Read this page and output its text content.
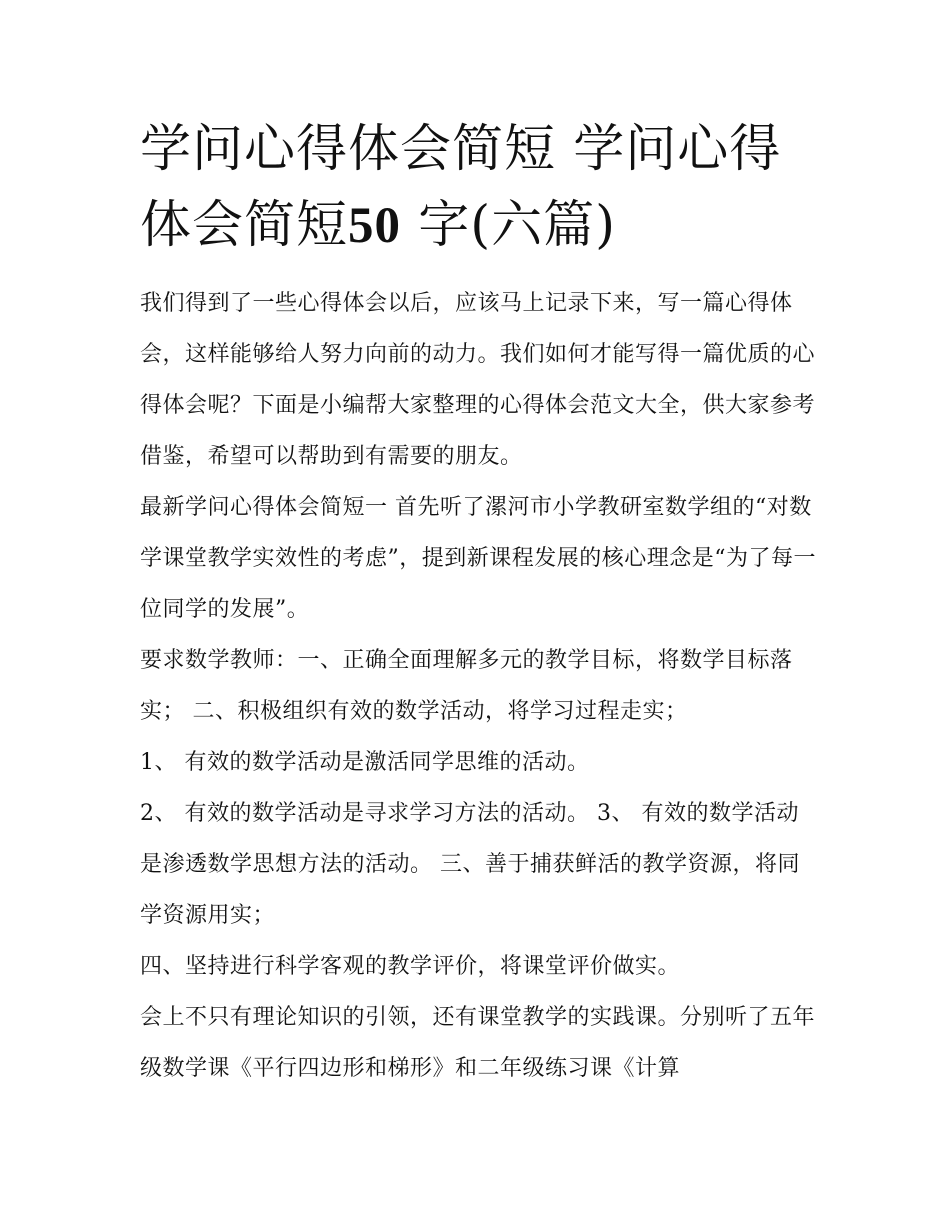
学问心得体会简短 学问心得体会简短50 字(六篇)

我们得到了一些心得体会以后，应该马上记录下来，写一篇心得体会，这样能够给人努力向前的动力。我们如何才能写得一篇优质的心得体会呢？下面是小编帮大家整理的心得体会范文大全，供大家参考借鉴，希望可以帮助到有需要的朋友。

最新学问心得体会简短一 首先听了漯河市小学教研室数学组的“对数学课堂教学实效性的考虑”，提到新课程发展的核心理念是“为了每一位同学的发展”。

要求数学教师：一、正确全面理解多元的教学目标，将数学目标落实； 二、积极组织有效的数学活动，将学习过程走实；

1、 有效的数学活动是激活同学思维的活动。

2、 有效的数学活动是寻求学习方法的活动。 3、 有效的数学活动是渗透数学思想方法的活动。 三、善于捕获鲜活的教学资源，将同学资源用实；

四、坚持进行科学客观的教学评价，将课堂评价做实。

会上不只有理论知识的引领，还有课堂教学的实践课。分别听了五年级数学课《平行四边形和梯形》和二年级练习课《计算
